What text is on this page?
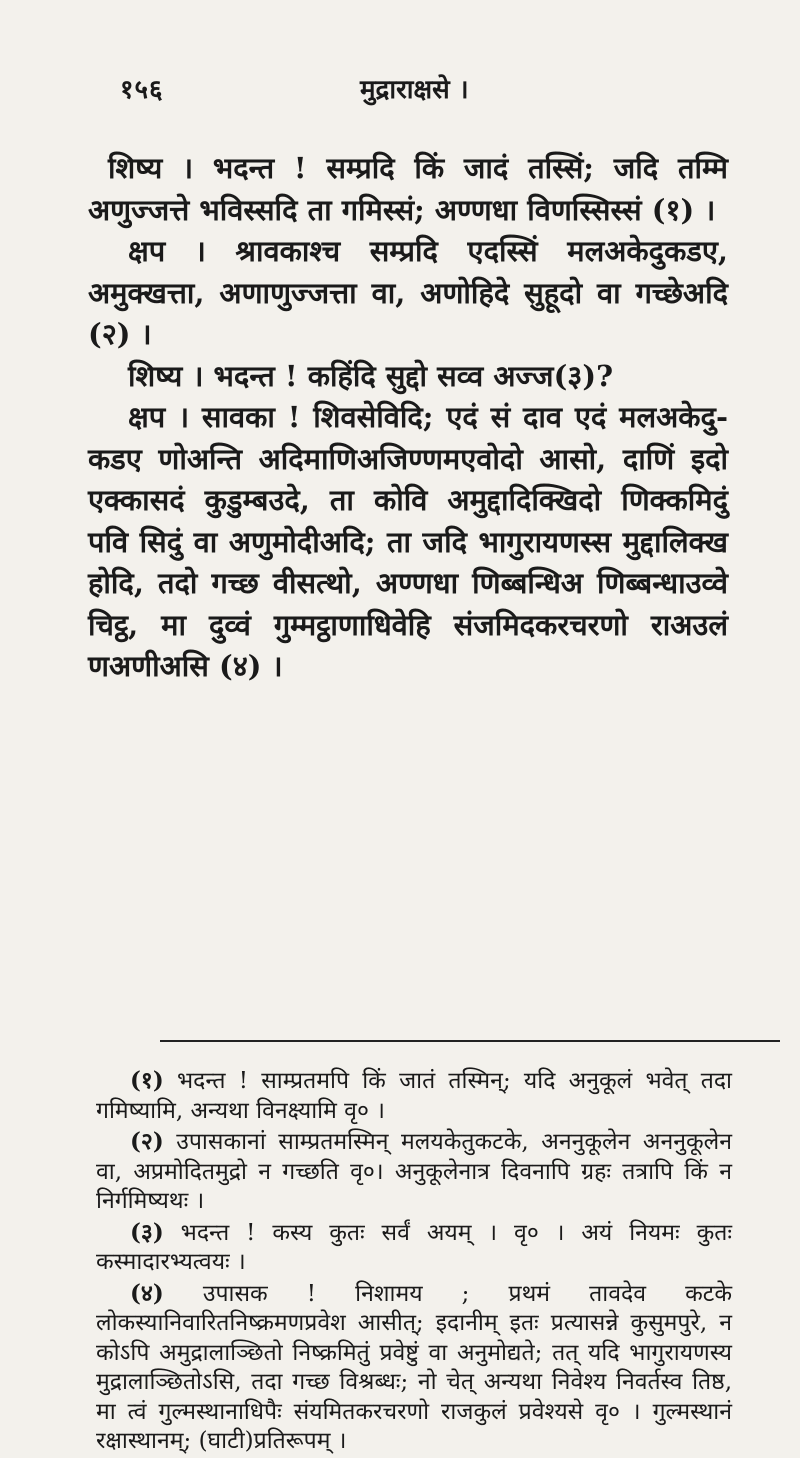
१५६	मुद्राराक्षसे ।

शिष्य । भदन्त ! सम्प्रदि किं जादं तस्सिं; जदि तम्मि अणुज्जत्ते भविस्सदि ता गमिस्सं; अण्णधा विणस्सिस्सं (१) ।

क्षप । श्रावकाश्च सम्प्रदि एदस्सिं मलअकेदुकडए, अमुक्खत्ता, अणाणुज्जत्ता वा, अणोहिदे सुहूदो वा गच्छेअदि (२) ।

शिष्य । भदन्त ! कहिंदि सुद्दो सव्व अज्ज(३)?

क्षप । सावका ! शिवसेविदि; एदं सं दाव एदं मलअकेदु-कडए णोअन्ति अदिमाणिअजिण्णमएवोदो आसो, दाणिं इदो एक्कासदं कुडुम्बउदे, ता कोवि अमुद्दादिक्खिदो णिक्कमिदुं पवि सिदुं वा अणुमोदीअदि; ता जदि भागुरायणस्स मुद्दालिक्ख होदि, तदो गच्छ वीसत्थो, अण्णधा णिब्बन्धिअ णिब्बन्धाउव्वे चिट्ठ, मा दुव्वं गुम्मट्ठाणाधिवेहि संजमिदकरचरणो राअउलं णअणीअसि (४) ।

(१) भदन्त ! साम्प्रतमपि किं जातं तस्मिन्; यदि अनुकूलं भवेत् तदा गमिष्यामि, अन्यथा विनक्ष्यामि वृ० ।

(२) उपासकानां साम्प्रतमस्मिन् मलयकेतुकटके, अननुकूलेन अननुकूलेन वा, अप्रमोदितमुद्रो न गच्छति वृ०। अनुकूलेनात्र दिवनापि ग्रहः तत्रापि किं न निर्गमिष्यथः ।

(३) भदन्त ! कस्य कुतः सर्वं अयम् । वृ० । अयं नियमः कुतः कस्मादारभ्यत्वयः ।

(४) उपासक ! निशामय ; प्रथमं तावदेव कटके लोकस्यानिवारितनिष्क्रमणप्रवेश आसीत्; इदानीम् इतः प्रत्यासन्ने कुसुमपुरे, न कोऽपि अमुद्रालाञ्छितो निष्क्रमितुं प्रवेष्टुं वा अनुमोद्यते; तत् यदि भागुरायणस्य मुद्रालाञ्छितोऽसि, तदा गच्छ विश्रब्धः; नो चेत् अन्यथा निवेश्य निवर्तस्व तिष्ठ, मा त्वं गुल्मस्थानाधिपैः संयमितकरचरणो राजकुलं प्रवेश्यसे वृ० । गुल्मस्थानं रक्षास्थानम्; (घाटी)प्रतिरूपम् ।
